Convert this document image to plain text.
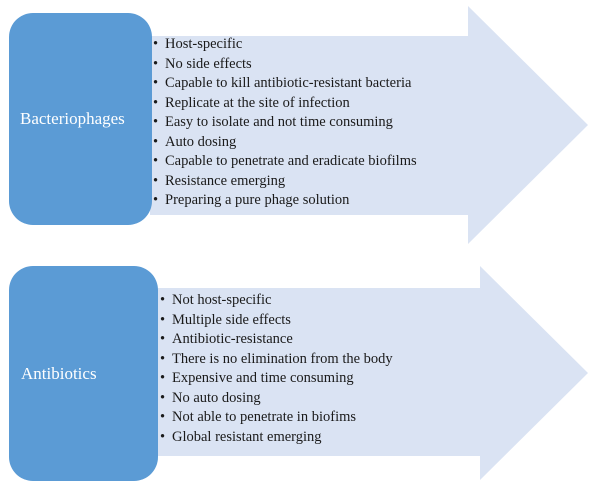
Bacteriophages
• Host-specific
• No side effects
• Capable to kill antibiotic-resistant bacteria
• Replicate at the site of infection
• Easy to isolate and not time consuming
• Auto dosing
• Capable to penetrate and eradicate biofilms
• Resistance emerging
• Preparing a pure phage solution
Antibiotics
• Not host-specific
• Multiple side effects
• Antibiotic-resistance
• There is no elimination from the body
• Expensive and time consuming
• No auto dosing
• Not able to penetrate in biofims
• Global resistant emerging
